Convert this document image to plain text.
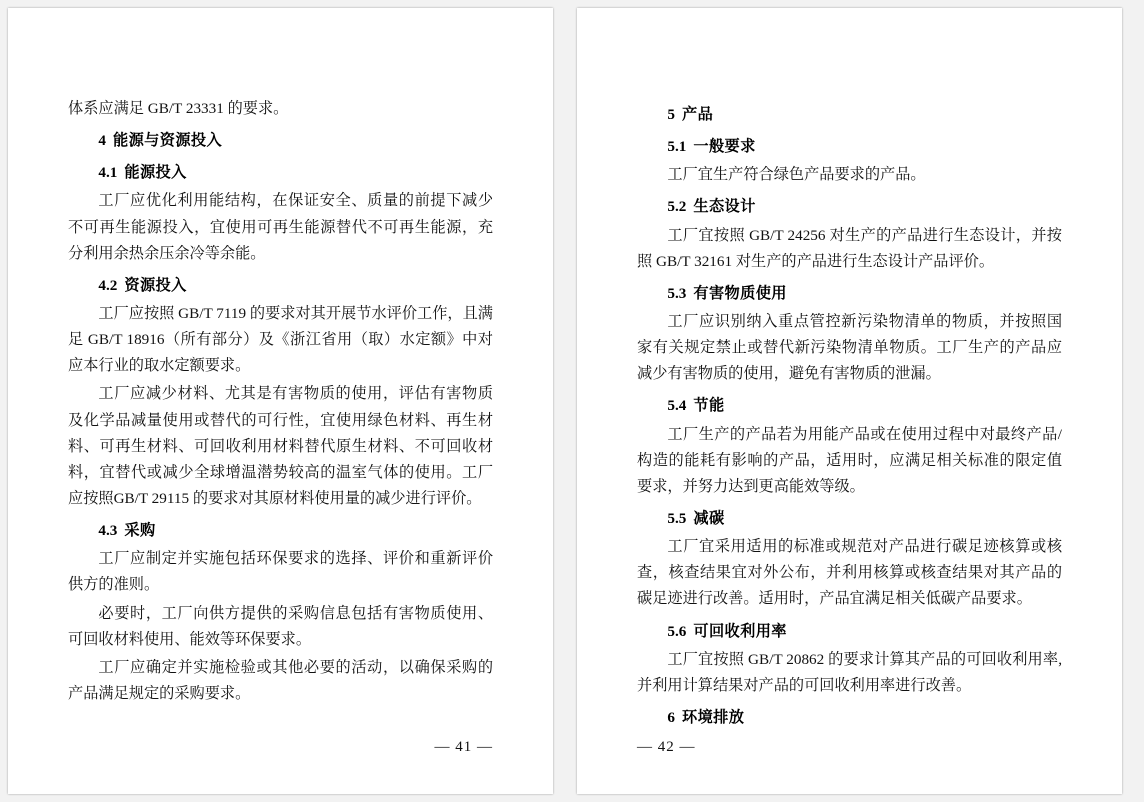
体系应满足 GB/T 23331 的要求。

4 能源与资源投入

4.1 能源投入

工厂应优化利用能结构，在保证安全、质量的前提下减少不可再生能源投入，宜使用可再生能源替代不可再生能源，充分利用余热余压余冷等余能。

4.2 资源投入

工厂应按照 GB/T 7119 的要求对其开展节水评价工作，且满足 GB/T 18916（所有部分）及《浙江省用（取）水定额》中对应本行业的取水定额要求。

工厂应减少材料、尤其是有害物质的使用，评估有害物质及化学品减量使用或替代的可行性，宜使用绿色材料、再生材料、可再生材料、可回收利用材料替代原生材料、不可回收材料，宜替代或减少全球增温潜势较高的温室气体的使用。工厂应按照GB/T 29115 的要求对其原材料使用量的减少进行评价。

4.3 采购

工厂应制定并实施包括环保要求的选择、评价和重新评价供方的准则。

必要时，工厂向供方提供的采购信息包括有害物质使用、可回收材料使用、能效等环保要求。

工厂应确定并实施检验或其他必要的活动，以确保采购的产品满足规定的采购要求。

— 41 —

5 产品

5.1 一般要求

工厂宜生产符合绿色产品要求的产品。

5.2 生态设计

工厂宜按照 GB/T 24256 对生产的产品进行生态设计，并按照 GB/T 32161 对生产的产品进行生态设计产品评价。

5.3 有害物质使用

工厂应识别纳入重点管控新污染物清单的物质，并按照国家有关规定禁止或替代新污染物清单物质。工厂生产的产品应减少有害物质的使用，避免有害物质的泄漏。

5.4 节能

工厂生产的产品若为用能产品或在使用过程中对最终产品/构造的能耗有影响的产品，适用时，应满足相关标准的限定值要求，并努力达到更高能效等级。

5.5 减碳

工厂宜采用适用的标准或规范对产品进行碳足迹核算或核查，核查结果宜对外公布，并利用核算或核查结果对其产品的碳足迹进行改善。适用时，产品宜满足相关低碳产品要求。

5.6 可回收利用率

工厂宜按照 GB/T 20862 的要求计算其产品的可回收利用率,并利用计算结果对产品的可回收利用率进行改善。

6 环境排放

— 42 —
